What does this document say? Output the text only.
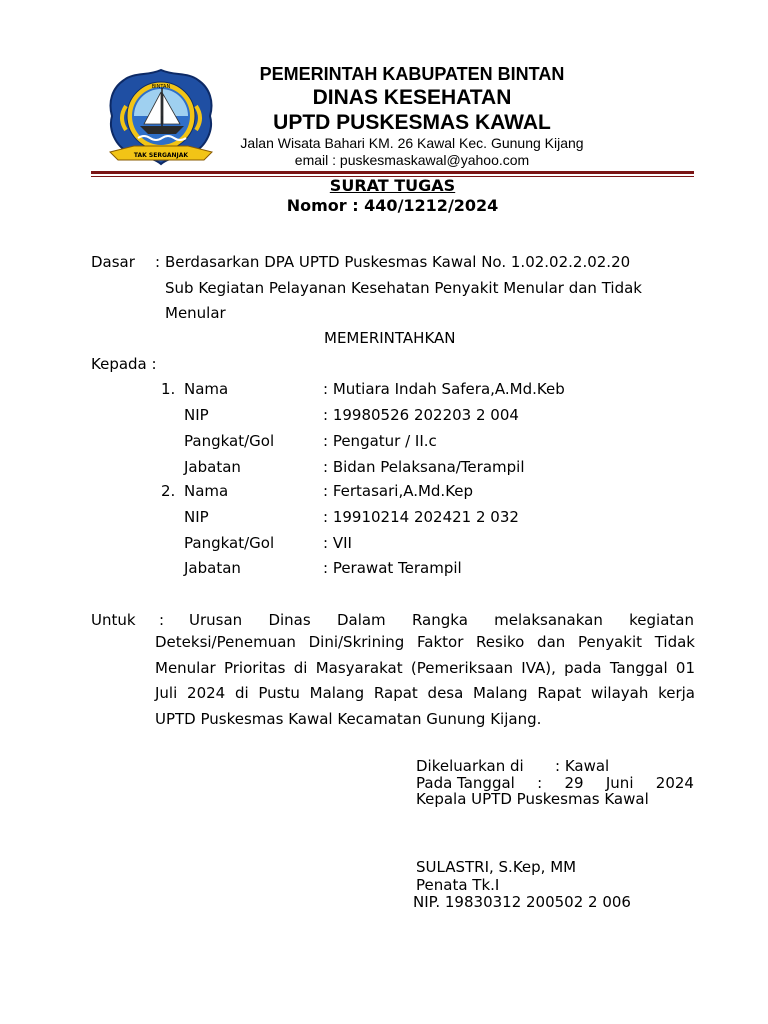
TAK SERGANJAK
BINTAN
PEMERINTAH KABUPATEN BINTAN
DINAS KESEHATAN
UPTD PUSKESMAS KAWAL
Jalan Wisata Bahari KM. 26 Kawal Kec. Gunung Kijang
email : puskesmaskawal@yahoo.com
SURAT TUGAS
Nomor : 440/1212/2024
Dasar : Berdasarkan DPA UPTD Puskesmas Kawal No. 1.02.02.2.02.20
Sub Kegiatan Pelayanan Kesehatan Penyakit Menular dan Tidak
Menular
MEMERINTAHKAN
Kepada :
1. Nama	: Mutiara Indah Safera,A.Md.Keb
NIP	: 19980526 202203 2 004
Pangkat/Gol	: Pengatur / II.c
Jabatan	: Bidan Pelaksana/Terampil
2. Nama	: Fertasari,A.Md.Kep
NIP	: 19910214 202421 2 032
Pangkat/Gol	: VII
Jabatan	: Perawat Terampil
Untuk : Urusan Dinas Dalam Rangka melaksanakan kegiatan
Deteksi/Penemuan Dini/Skrining Faktor Resiko dan Penyakit Tidak
Menular Prioritas di Masyarakat (Pemeriksaan IVA), pada Tanggal 01
Juli 2024 di Pustu Malang Rapat desa Malang Rapat wilayah kerja
UPTD Puskesmas Kawal Kecamatan Gunung Kijang.
Dikeluarkan di : Kawal
Pada Tanggal : 29 Juni 2024
Kepala UPTD Puskesmas Kawal
SULASTRI, S.Kep, MM
Penata Tk.I
NIP. 19830312 200502 2 006
